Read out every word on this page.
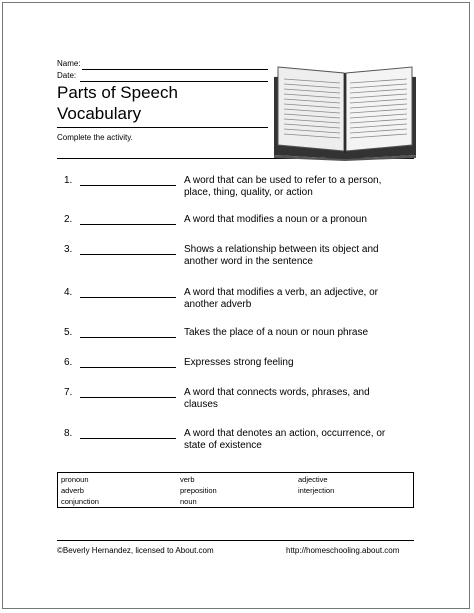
Name:
Date:
Parts of Speech
Vocabulary
Complete the activity.
1.	A word that can be used to refer to a person,
place, thing, quality, or action
2.	A word that modifies a noun or a pronoun
3.	Shows a relationship between its object and
another word in the sentence
4.	A word that modifies a verb, an adjective, or
another adverb
5.	Takes the place of a noun or noun phrase
6.	Expresses strong feeling
7.	A word that connects words, phrases, and
clauses
8.	A word that denotes an action, occurrence, or
state of existence
pronoun	verb	adjective
adverb	preposition	interjection
conjunction	noun
©Beverly Hernandez, licensed to About.com	http://homeschooling.about.com
